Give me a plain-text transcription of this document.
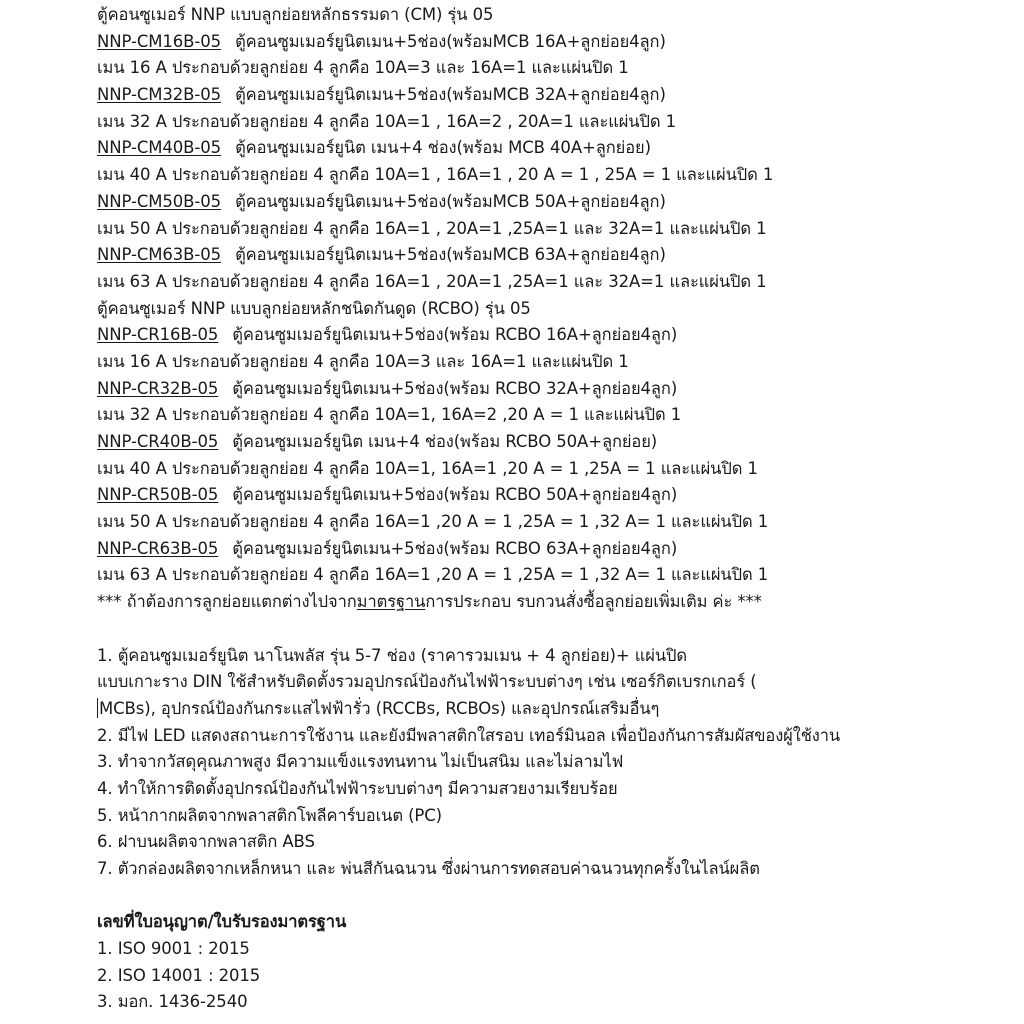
ตู้คอนซูเมอร์ NNP แบบลูกย่อยหลักธรรมดา (CM) รุ่น 05
NNP-CM16B-05 ตู้คอนซูมเมอร์ยูนิตเมน+5ช่อง(พร้อมMCB 16A+ลูกย่อย4ลูก)
เมน 16 A ประกอบด้วยลูกย่อย 4 ลูกคือ 10A=3 และ 16A=1 และแผ่นปิด 1
NNP-CM32B-05 ตู้คอนซูมเมอร์ยูนิตเมน+5ช่อง(พร้อมMCB 32A+ลูกย่อย4ลูก)
เมน 32 A ประกอบด้วยลูกย่อย 4 ลูกคือ 10A=1 , 16A=2 , 20A=1 และแผ่นปิด 1
NNP-CM40B-05 ตู้คอนซูมเมอร์ยูนิต เมน+4 ช่อง(พร้อม MCB 40A+ลูกย่อย)
เมน 40 A ประกอบด้วยลูกย่อย 4 ลูกคือ 10A=1 , 16A=1 , 20 A = 1 , 25A = 1 และแผ่นปิด 1
NNP-CM50B-05 ตู้คอนซูมเมอร์ยูนิตเมน+5ช่อง(พร้อมMCB 50A+ลูกย่อย4ลูก)
เมน 50 A ประกอบด้วยลูกย่อย 4 ลูกคือ 16A=1 , 20A=1 ,25A=1 และ 32A=1 และแผ่นปิด 1
NNP-CM63B-05 ตู้คอนซูมเมอร์ยูนิตเมน+5ช่อง(พร้อมMCB 63A+ลูกย่อย4ลูก)
เมน 63 A ประกอบด้วยลูกย่อย 4 ลูกคือ 16A=1 , 20A=1 ,25A=1 และ 32A=1 และแผ่นปิด 1
ตู้คอนซูเมอร์ NNP แบบลูกย่อยหลักชนิดกันดูด (RCBO) รุ่น 05
NNP-CR16B-05 ตู้คอนซูมเมอร์ยูนิตเมน+5ช่อง(พร้อม RCBO 16A+ลูกย่อย4ลูก)
เมน 16 A ประกอบด้วยลูกย่อย 4 ลูกคือ 10A=3 และ 16A=1 และแผ่นปิด 1
NNP-CR32B-05 ตู้คอนซูมเมอร์ยูนิตเมน+5ช่อง(พร้อม RCBO 32A+ลูกย่อย4ลูก)
เมน 32 A ประกอบด้วยลูกย่อย 4 ลูกคือ 10A=1, 16A=2 ,20 A = 1 และแผ่นปิด 1
NNP-CR40B-05 ตู้คอนซูมเมอร์ยูนิต เมน+4 ช่อง(พร้อม RCBO 50A+ลูกย่อย)
เมน 40 A ประกอบด้วยลูกย่อย 4 ลูกคือ 10A=1, 16A=1 ,20 A = 1 ,25A = 1 และแผ่นปิด 1
NNP-CR50B-05 ตู้คอนซูมเมอร์ยูนิตเมน+5ช่อง(พร้อม RCBO 50A+ลูกย่อย4ลูก)
เมน 50 A ประกอบด้วยลูกย่อย 4 ลูกคือ 16A=1 ,20 A = 1 ,25A = 1 ,32 A= 1 และแผ่นปิด 1
NNP-CR63B-05 ตู้คอนซูมเมอร์ยูนิตเมน+5ช่อง(พร้อม RCBO 63A+ลูกย่อย4ลูก)
เมน 63 A ประกอบด้วยลูกย่อย 4 ลูกคือ 16A=1 ,20 A = 1 ,25A = 1 ,32 A= 1 และแผ่นปิด 1
*** ถ้าต้องการลูกย่อยแตกต่างไปจากมาตรฐานการประกอบ รบกวนสั่งซื้อลูกย่อยเพิ่มเติม ค่ะ ***
1. ตู้คอนซูมเมอร์ยูนิต นาโนพลัส รุ่น 5-7 ช่อง (ราคารวมเมน + 4 ลูกย่อย)+ แผ่นปิด
แบบเกาะราง DIN ใช้สำหรับติดตั้งรวมอุปกรณ์ป้องกันไฟฟ้าระบบต่างๆ เช่น เซอร์กิตเบรกเกอร์ (
MCBs), อุปกรณ์ป้องกันกระแสไฟฟ้ารั่ว (RCCBs, RCBOs) และอุปกรณ์เสริมอื่นๆ
2. มีไฟ LED แสดงสถานะการใช้งาน และยังมีพลาสติกใสรอบ เทอร์มินอล เพื่อป้องกันการสัมผัสของผู้ใช้งาน
3. ทำจากวัสดุคุณภาพสูง มีความแข็งแรงทนทาน ไม่เป็นสนิม และไม่ลามไฟ
4. ทำให้การติดตั้งอุปกรณ์ป้องกันไฟฟ้าระบบต่างๆ มีความสวยงามเรียบร้อย
5. หน้ากากผลิตจากพลาสติกโพลีคาร์บอเนต (PC)
6. ฝาบนผลิตจากพลาสติก ABS
7. ตัวกล่องผลิตจากเหล็กหนา และ พ่นสีกันฉนวน ซึ่งผ่านการทดสอบค่าฉนวนทุกครั้งในไลน์ผลิต
เลขที่ใบอนุญาต/ใบรับรองมาตรฐาน
1. ISO 9001 : 2015
2. ISO 14001 : 2015
3. มอก. 1436-2540
